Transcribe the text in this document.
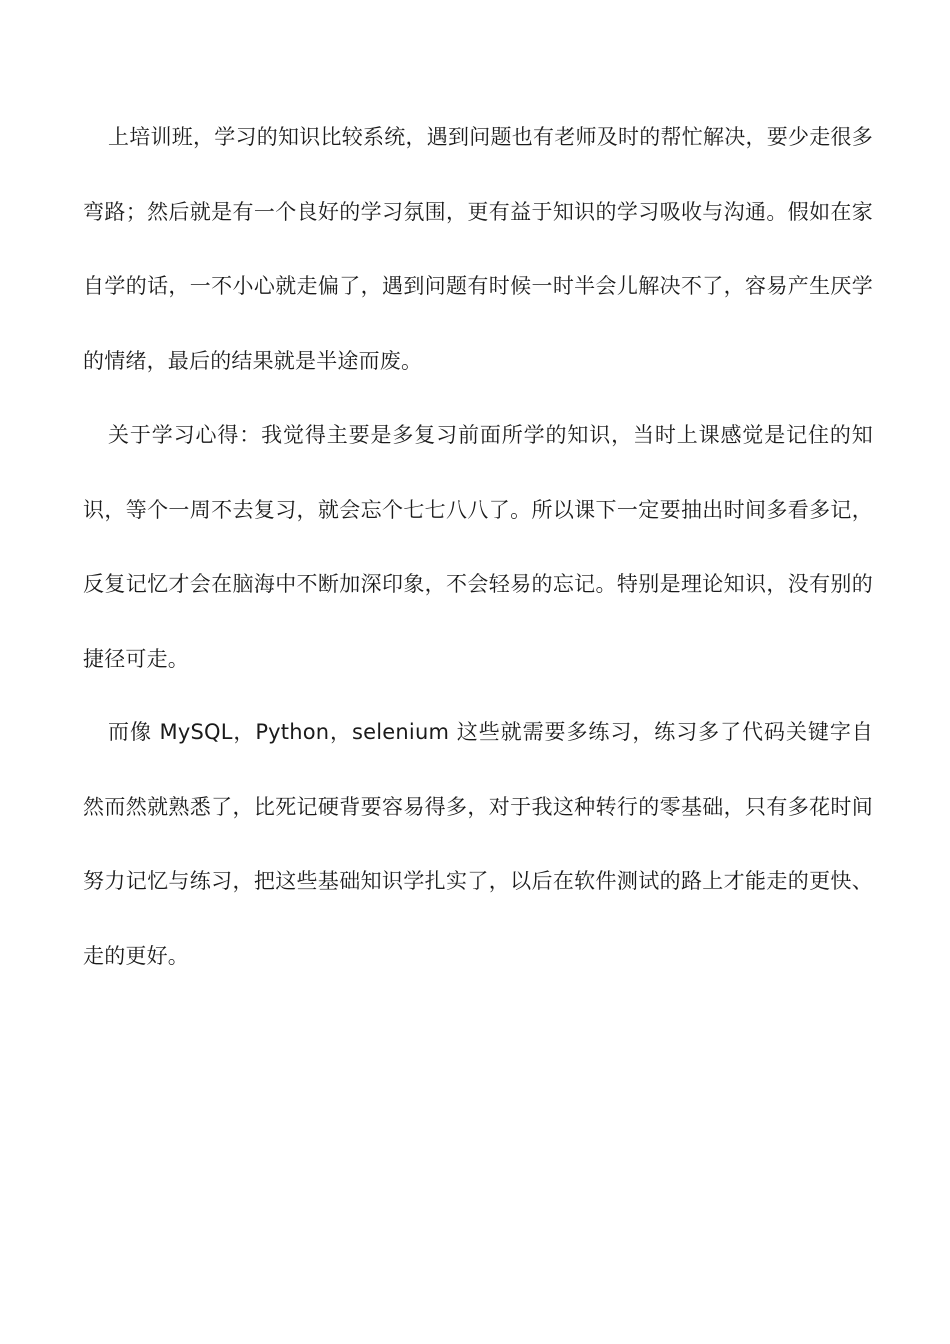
上培训班，学习的知识比较系统，遇到问题也有老师及时的帮忙解决，要少走很多弯路；然后就是有一个良好的学习氛围，更有益于知识的学习吸收与沟通。假如在家自学的话，一不小心就走偏了，遇到问题有时候一时半会儿解决不了，容易产生厌学的情绪，最后的结果就是半途而废。

关于学习心得：我觉得主要是多复习前面所学的知识，当时上课感觉是记住的知识，等个一周不去复习，就会忘个七七八八了。所以课下一定要抽出时间多看多记，反复记忆才会在脑海中不断加深印象，不会轻易的忘记。特别是理论知识，没有别的捷径可走。

而像 MySQL，Python，selenium 这些就需要多练习，练习多了代码关键字自然而然就熟悉了，比死记硬背要容易得多，对于我这种转行的零基础，只有多花时间努力记忆与练习，把这些基础知识学扎实了，以后在软件测试的路上才能走的更快、走的更好。
